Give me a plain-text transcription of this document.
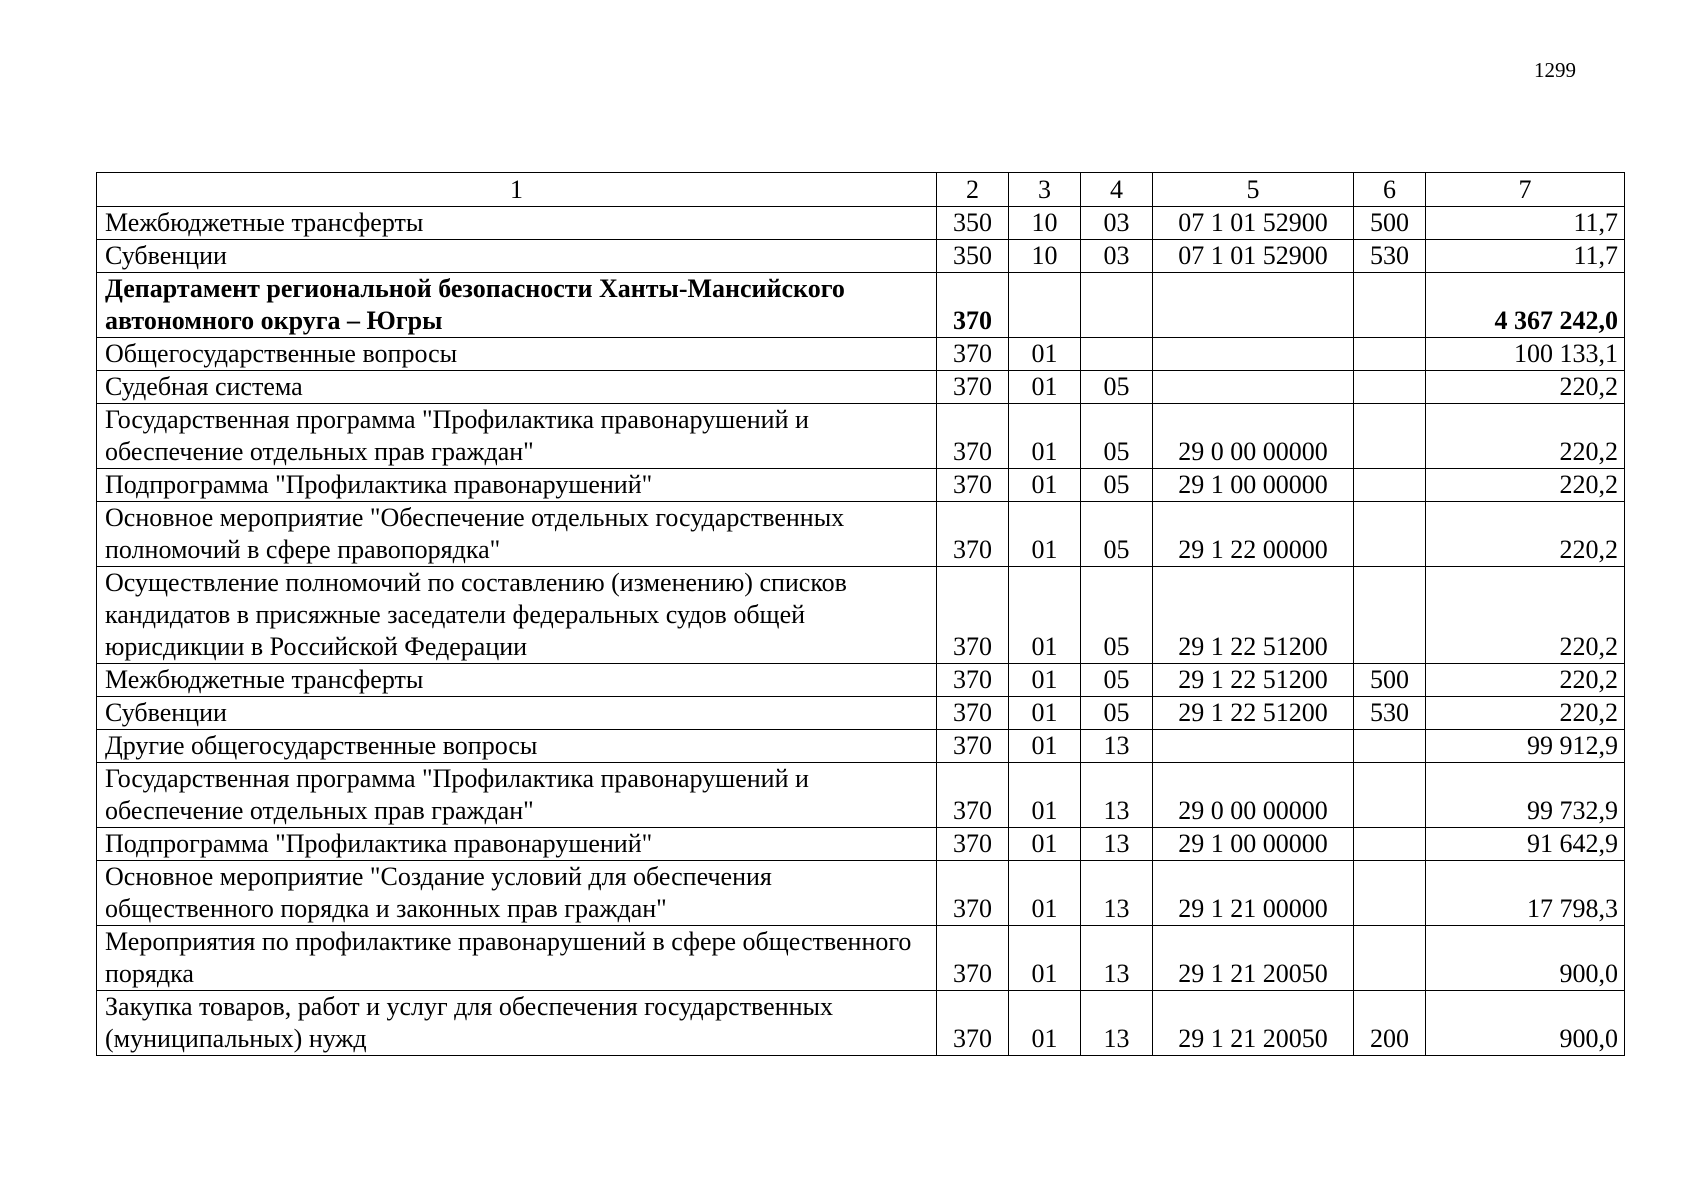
1299
1	2	3	4	5	6	7
Межбюджетные трансферты	350	10	03	07 1 01 52900	500	11,7
Субвенции	350	10	03	07 1 01 52900	530	11,7
Департамент региональной безопасности Ханты-Мансийского автономного округа – Югры	370					4 367 242,0
Общегосударственные вопросы	370	01				100 133,1
Судебная система	370	01	05			220,2
Государственная программа "Профилактика правонарушений и обеспечение отдельных прав граждан"	370	01	05	29 0 00 00000		220,2
Подпрограмма "Профилактика правонарушений"	370	01	05	29 1 00 00000		220,2
Основное мероприятие "Обеспечение отдельных государственных полномочий в сфере правопорядка"	370	01	05	29 1 22 00000		220,2
Осуществление полномочий по составлению (изменению) списков кандидатов в присяжные заседатели федеральных судов общей юрисдикции в Российской Федерации	370	01	05	29 1 22 51200		220,2
Межбюджетные трансферты	370	01	05	29 1 22 51200	500	220,2
Субвенции	370	01	05	29 1 22 51200	530	220,2
Другие общегосударственные вопросы	370	01	13			99 912,9
Государственная программа "Профилактика правонарушений и обеспечение отдельных прав граждан"	370	01	13	29 0 00 00000		99 732,9
Подпрограмма "Профилактика правонарушений"	370	01	13	29 1 00 00000		91 642,9
Основное мероприятие "Создание условий для обеспечения общественного порядка и законных прав граждан"	370	01	13	29 1 21 00000		17 798,3
Мероприятия по профилактике правонарушений в сфере общественного порядка	370	01	13	29 1 21 20050		900,0
Закупка товаров, работ и услуг для обеспечения государственных (муниципальных) нужд	370	01	13	29 1 21 20050	200	900,0
